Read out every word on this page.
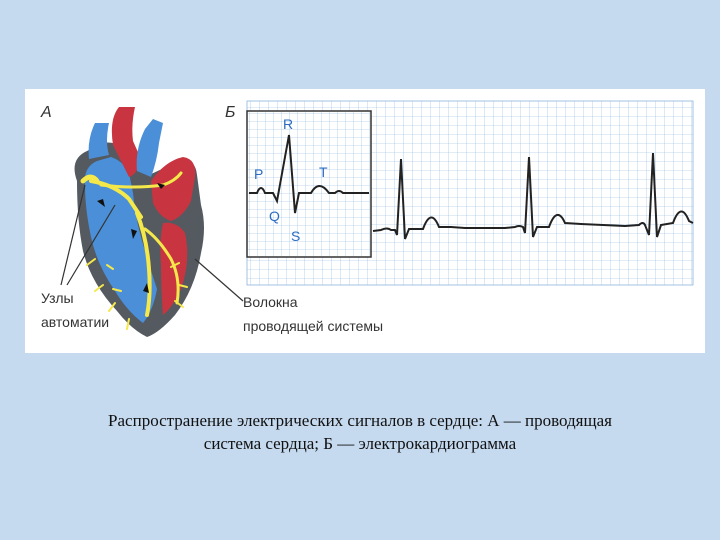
А
Узлы
автоматии
Волокна
проводящей системы
Б
P
R
T
Q
S
Распространение электрических сигналов в сердце: А — проводящая
система сердца; Б — электрокардиограмма
